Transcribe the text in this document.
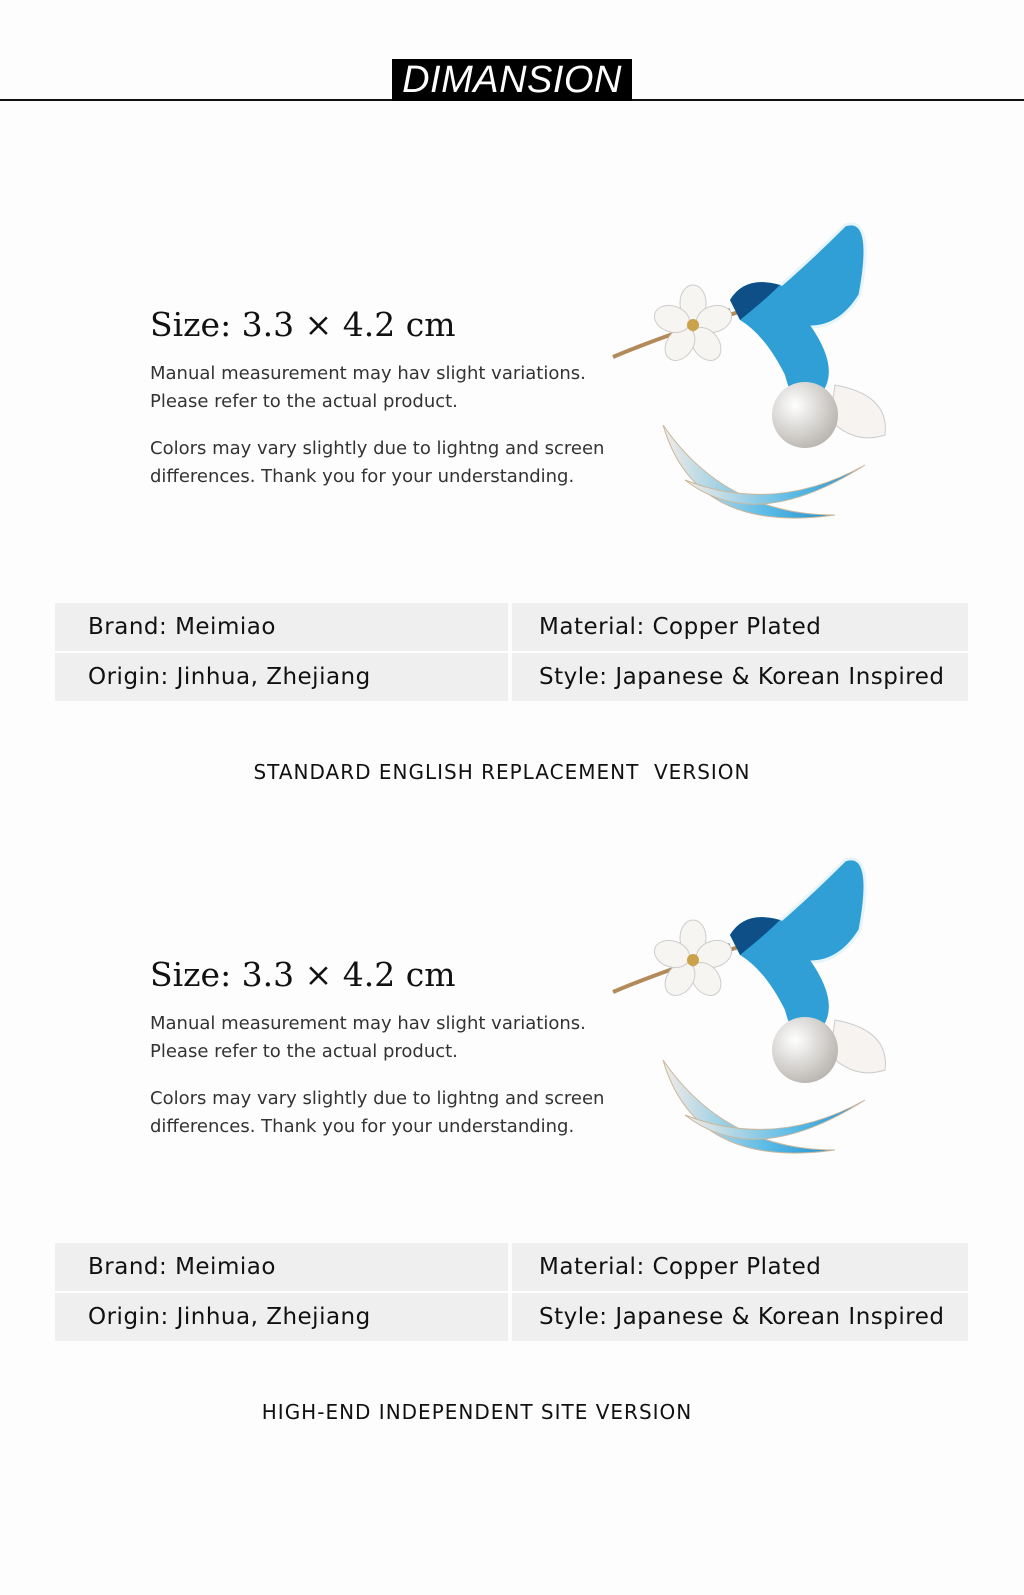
DIMANSION
Size: 3.3 × 4.2 cm
Manual measurement may hav slight variations.
Please refer to the actual product.
Colors may vary slightly due to lightng and screen
differences. Thank you for your understanding.
Brand: Meimiao	Material: Copper Plated
Origin: Jinhua, Zhejiang	Style: Japanese & Korean Inspired
STANDARD ENGLISH REPLACEMENT  VERSION
Size: 3.3 × 4.2 cm
Manual measurement may hav slight variations.
Please refer to the actual product.
Colors may vary slightly due to lightng and screen
differences. Thank you for your understanding.
Brand: Meimiao	Material: Copper Plated
Origin: Jinhua, Zhejiang	Style: Japanese & Korean Inspired
HIGH-END INDEPENDENT SITE VERSION
